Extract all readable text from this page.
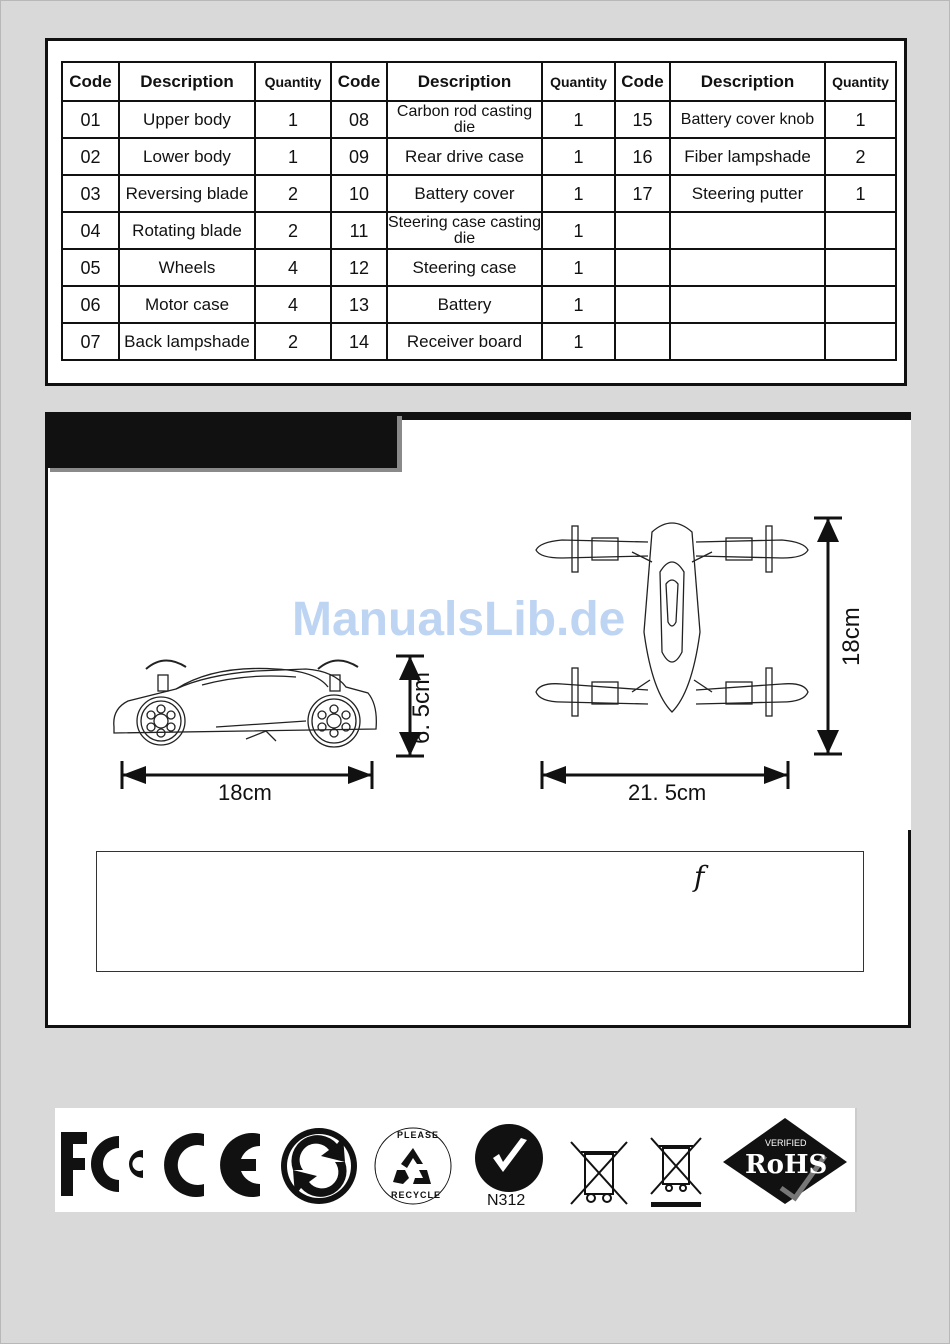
Code	Description	Quantity	Code	Description	Quantity	Code	Description	Quantity
01	Upper body	1	08	Carbon rod casting die	1	15	Battery cover knob	1
02	Lower body	1	09	Rear drive case	1	16	Fiber lampshade	2
03	Reversing blade	2	10	Battery cover	1	17	Steering putter	1
04	Rotating blade	2	11	Steering case casting die	1			
05	Wheels	4	12	Steering case	1			
06	Motor case	4	13	Battery	1			
07	Back lampshade	2	14	Receiver board	1			
18cm
6. 5cm
21. 5cm
18cm
ManualsLib.de
f
PLEASE
RECYCLE	N312
VERIFIED
RoHS
